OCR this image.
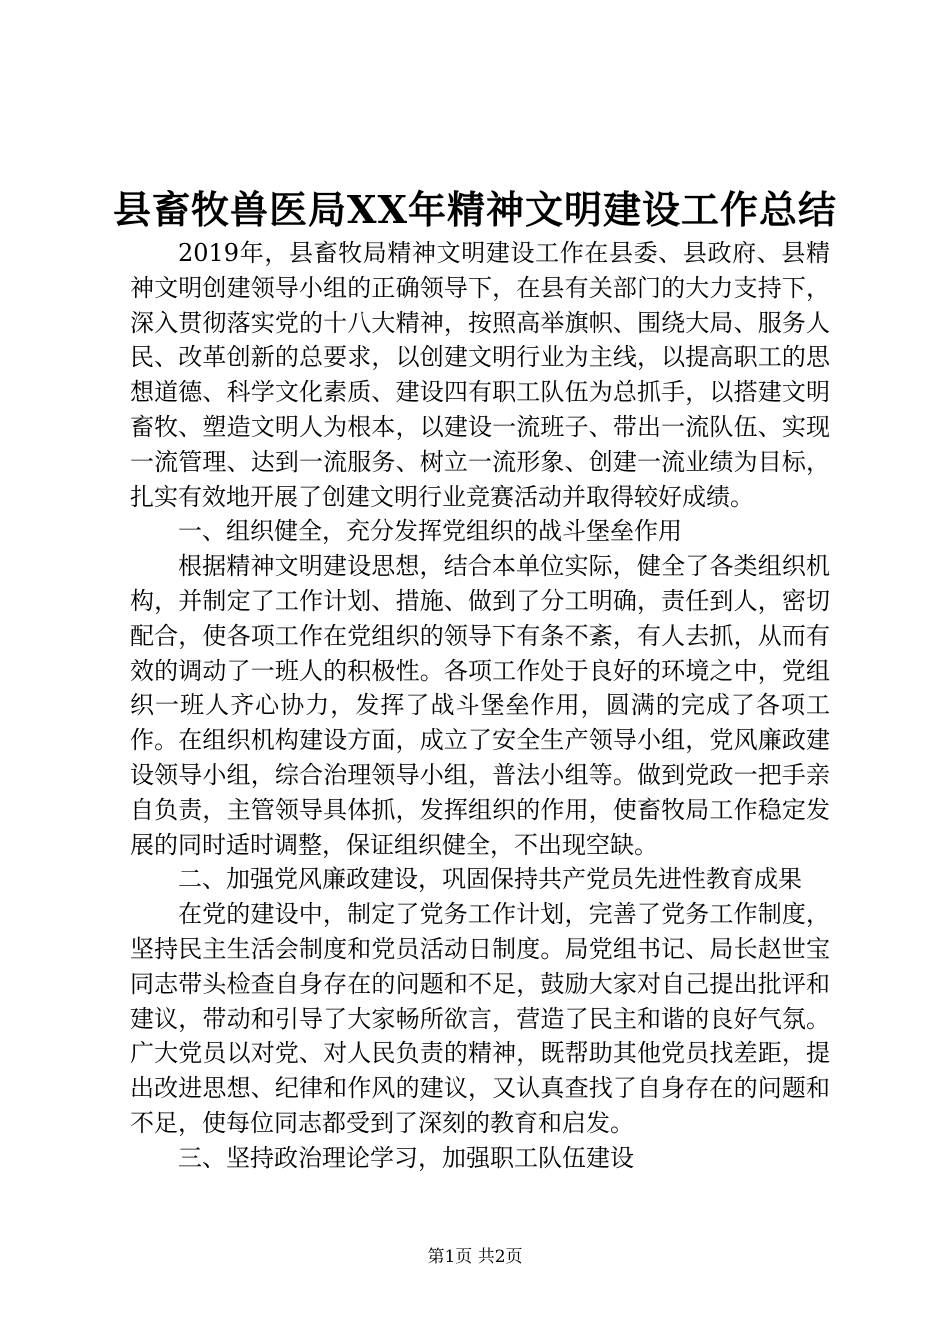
县畜牧兽医局XX年精神文明建设工作总结

2019年，县畜牧局精神文明建设工作在县委、县政府、县精神文明创建领导小组的正确领导下，在县有关部门的大力支持下，深入贯彻落实党的十八大精神，按照高举旗帜、围绕大局、服务人民、改革创新的总要求，以创建文明行业为主线，以提高职工的思想道德、科学文化素质、建设四有职工队伍为总抓手，以搭建文明畜牧、塑造文明人为根本，以建设一流班子、带出一流队伍、实现一流管理、达到一流服务、树立一流形象、创建一流业绩为目标，扎实有效地开展了创建文明行业竞赛活动并取得较好成绩。

一、组织健全，充分发挥党组织的战斗堡垒作用

根据精神文明建设思想，结合本单位实际，健全了各类组织机构，并制定了工作计划、措施、做到了分工明确，责任到人，密切配合，使各项工作在党组织的领导下有条不紊，有人去抓，从而有效的调动了一班人的积极性。各项工作处于良好的环境之中，党组织一班人齐心协力，发挥了战斗堡垒作用，圆满的完成了各项工作。在组织机构建设方面，成立了安全生产领导小组，党风廉政建设领导小组，综合治理领导小组，普法小组等。做到党政一把手亲自负责，主管领导具体抓，发挥组织的作用，使畜牧局工作稳定发展的同时适时调整，保证组织健全，不出现空缺。

二、加强党风廉政建设，巩固保持共产党员先进性教育成果

在党的建设中，制定了党务工作计划，完善了党务工作制度，坚持民主生活会制度和党员活动日制度。局党组书记、局长赵世宝同志带头检查自身存在的问题和不足，鼓励大家对自己提出批评和建议，带动和引导了大家畅所欲言，营造了民主和谐的良好气氛。广大党员以对党、对人民负责的精神，既帮助其他党员找差距，提出改进思想、纪律和作风的建议，又认真查找了自身存在的问题和不足，使每位同志都受到了深刻的教育和启发。

三、坚持政治理论学习，加强职工队伍建设

第1页 共2页
